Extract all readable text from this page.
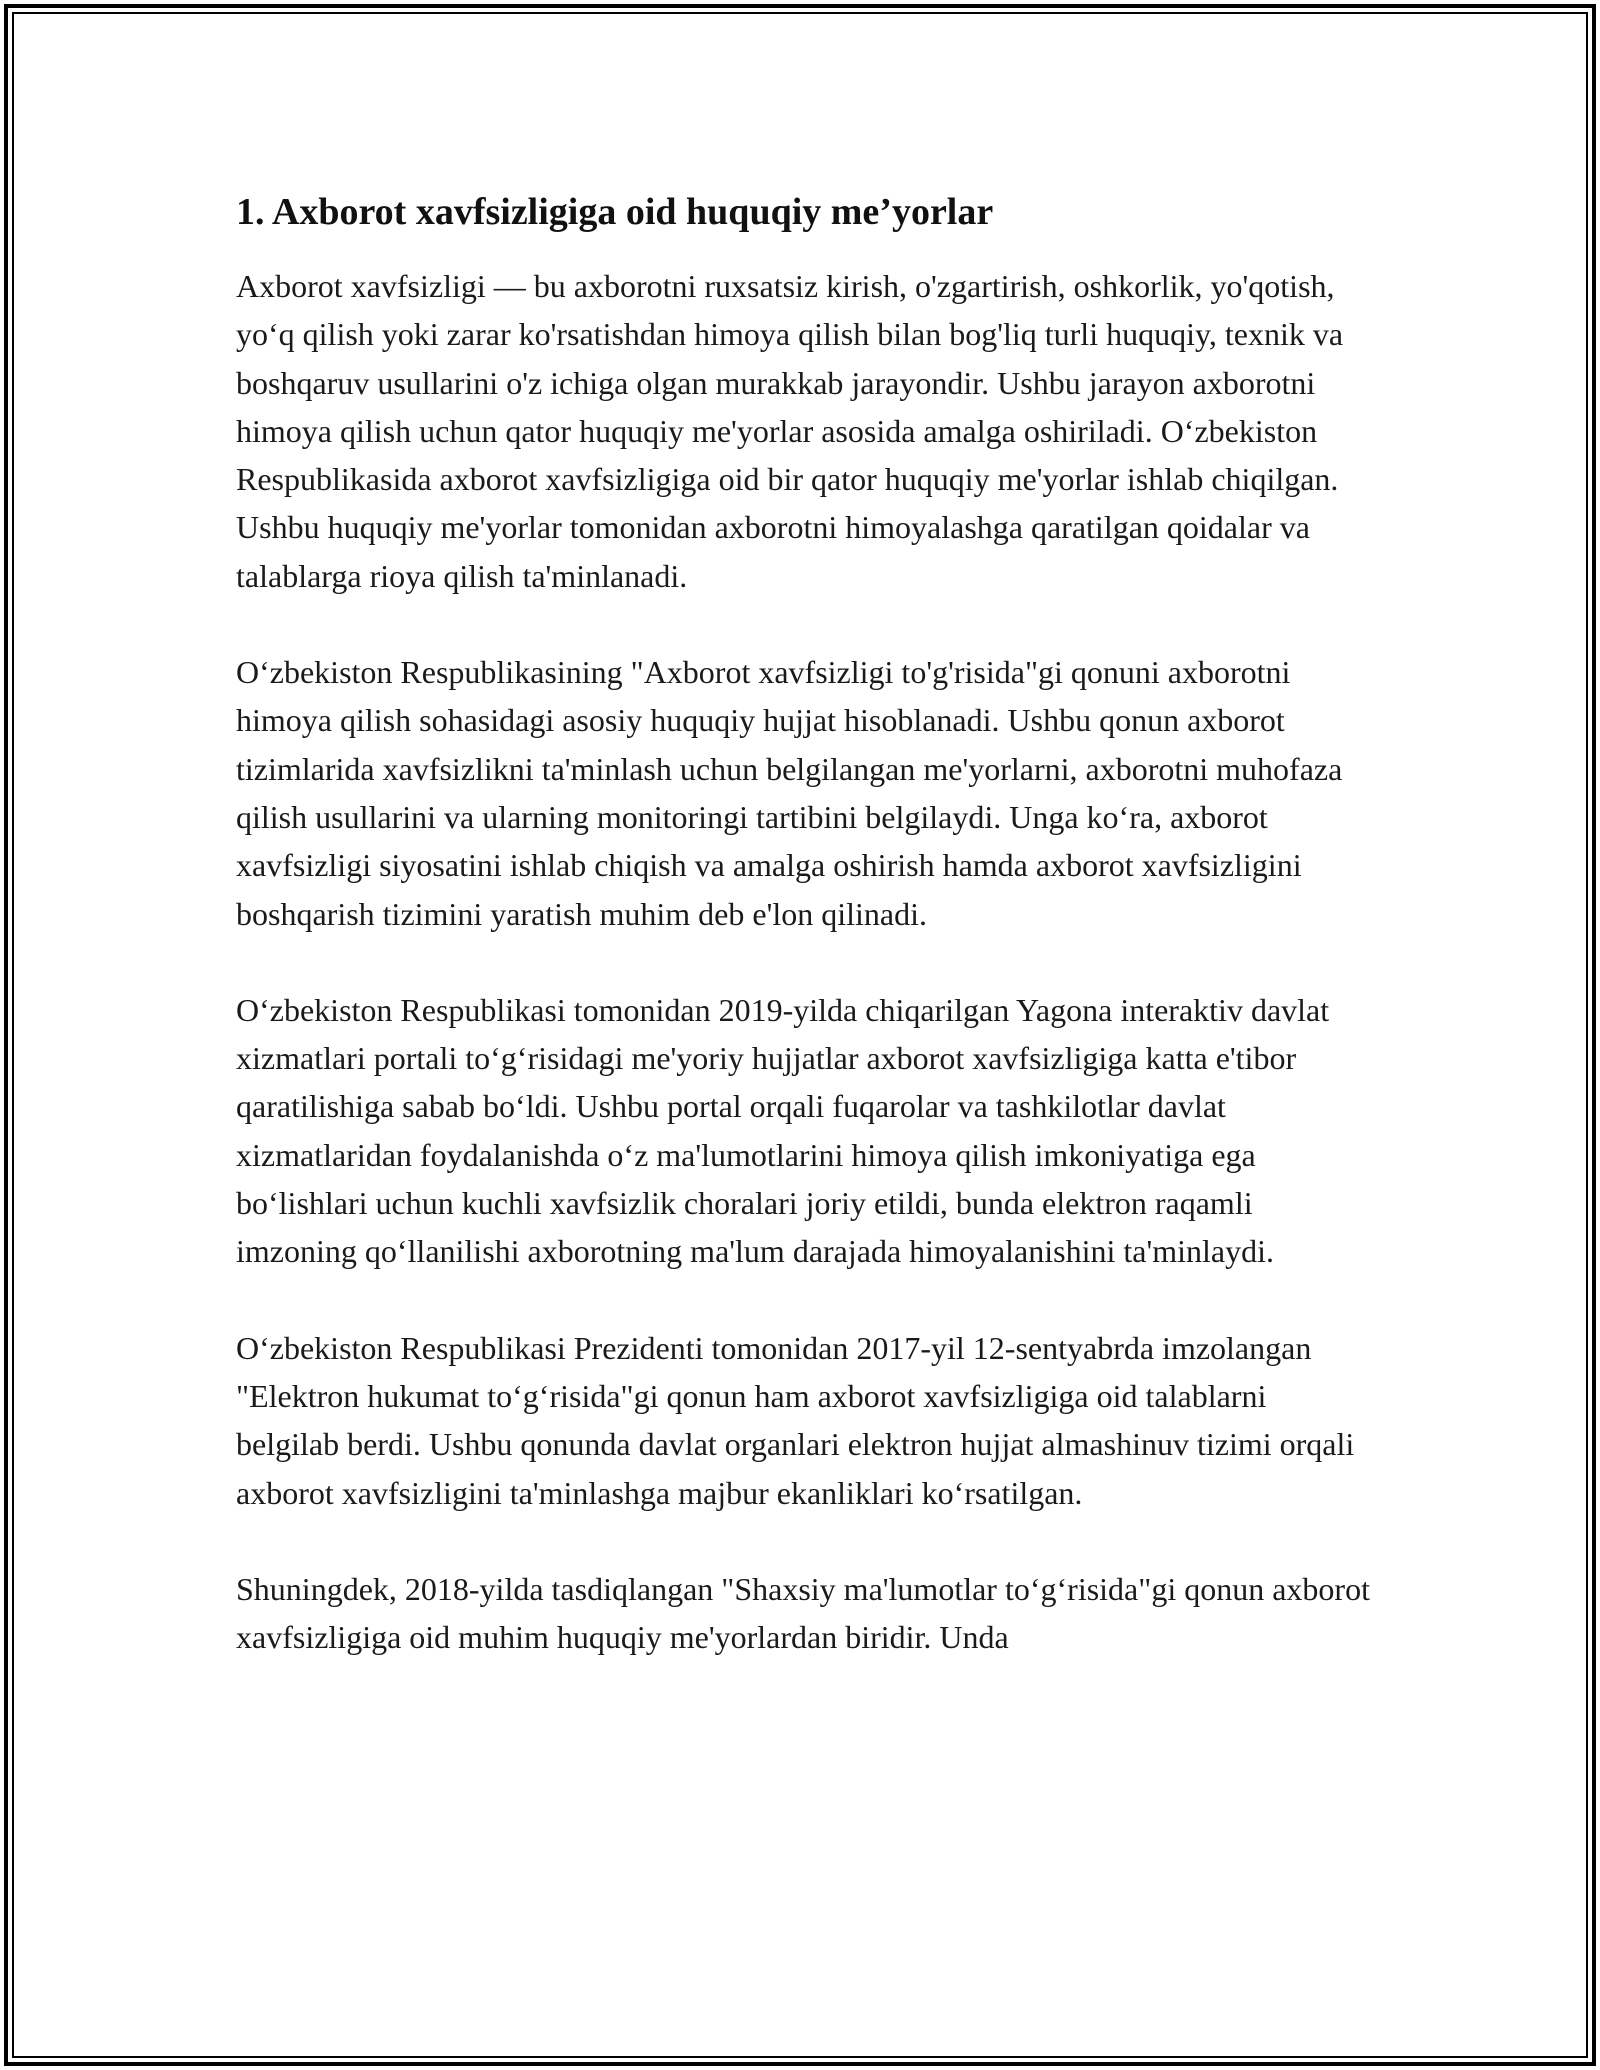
1. Axborot xavfsizligiga oid huquqiy me’yorlar

Axborot xavfsizligi — bu axborotni ruxsatsiz kirish, o'zgartirish, oshkorlik, yo'qotish, yo‘q qilish yoki zarar ko'rsatishdan himoya qilish bilan bog'liq turli huquqiy, texnik va boshqaruv usullarini o'z ichiga olgan murakkab jarayondir. Ushbu jarayon axborotni himoya qilish uchun qator huquqiy me'yorlar asosida amalga oshiriladi. O‘zbekiston Respublikasida axborot xavfsizligiga oid bir qator huquqiy me'yorlar ishlab chiqilgan. Ushbu huquqiy me'yorlar tomonidan axborotni himoyalashga qaratilgan qoidalar va talablarga rioya qilish ta'minlanadi.

O‘zbekiston Respublikasining "Axborot xavfsizligi to'g'risida"gi qonuni axborotni himoya qilish sohasidagi asosiy huquqiy hujjat hisoblanadi. Ushbu qonun axborot tizimlarida xavfsizlikni ta'minlash uchun belgilangan me'yorlarni, axborotni muhofaza qilish usullarini va ularning monitoringi tartibini belgilaydi. Unga ko‘ra, axborot xavfsizligi siyosatini ishlab chiqish va amalga oshirish hamda axborot xavfsizligini boshqarish tizimini yaratish muhim deb e'lon qilinadi.

O‘zbekiston Respublikasi tomonidan 2019-yilda chiqarilgan Yagona interaktiv davlat xizmatlari portali to‘g‘risidagi me'yoriy hujjatlar axborot xavfsizligiga katta e'tibor qaratilishiga sabab bo‘ldi. Ushbu portal orqali fuqarolar va tashkilotlar davlat xizmatlaridan foydalanishda o‘z ma'lumotlarini himoya qilish imkoniyatiga ega bo‘lishlari uchun kuchli xavfsizlik choralari joriy etildi, bunda elektron raqamli imzoning qo‘llanilishi axborotning ma'lum darajada himoyalanishini ta'minlaydi.

O‘zbekiston Respublikasi Prezidenti tomonidan 2017-yil 12-sentyabrda imzolangan "Elektron hukumat to‘g‘risida"gi qonun ham axborot xavfsizligiga oid talablarni belgilab berdi. Ushbu qonunda davlat organlari elektron hujjat almashinuv tizimi orqali axborot xavfsizligini ta'minlashga majbur ekanliklari ko‘rsatilgan.

Shuningdek, 2018-yilda tasdiqlangan "Shaxsiy ma'lumotlar to‘g‘risida"gi qonun axborot xavfsizligiga oid muhim huquqiy me'yorlardan biridir. Unda
